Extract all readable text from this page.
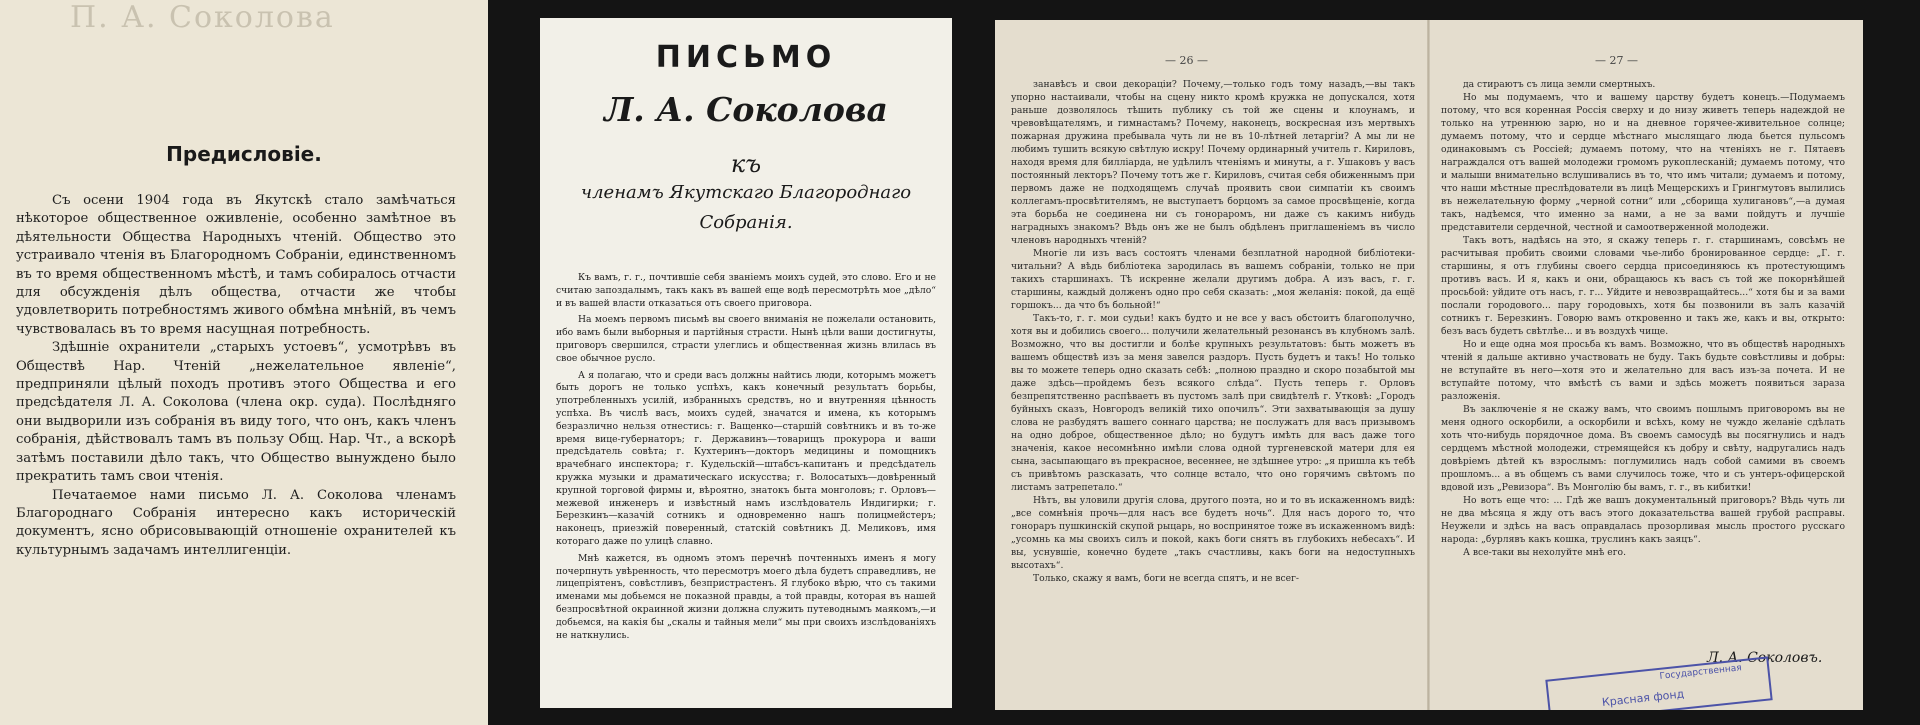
П. А. Соколова
Предисловіе.

Съ осени 1904 года въ Якутскѣ стало замѣчаться нѣкоторое общественное оживленіе, особенно замѣтное въ дѣятельности Общества Народныхъ чтеній. Общество это устраивало чтенія въ Благородномъ Собраніи, единственномъ въ то время общественномъ мѣстѣ, и тамъ собиралось отчасти для обсужденія дѣлъ общества, отчасти же чтобы удовлетворить потребностямъ живого обмѣна мнѣній, въ чемъ чувствовалась въ то время насущная потребность.

Здѣшніе охранители „старыхъ устоевъ“, усмотрѣвъ въ Обществѣ Нар. Чтеній „нежелательное явленіе“, предприняли цѣлый походъ противъ этого Общества и его предсѣдателя Л. А. Соколова (члена окр. суда). Послѣдняго они выдворили изъ собранія въ виду того, что онъ, какъ членъ собранія, дѣйствовалъ тамъ въ пользу Общ. Нар. Чт., а вскорѣ затѣмъ поставили дѣло такъ, что Общество вынуждено было прекратить тамъ свои чтенія.

Печатаемое нами письмо Л. А. Соколова членамъ Благороднаго Собранія интересно какъ историческій документъ, ясно обрисовывающій отношеніе охранителей къ культурнымъ задачамъ интеллигенціи.

ПИСЬМО
Л. А. Соколова
къ
членамъ Якутскаго Благороднаго
Собранія.

Къ вамъ, г. г., почтившіе себя званіемъ моихъ судей, это слово. Его и не считаю запоздалымъ, такъ какъ въ вашей еще водѣ пересмотрѣть мое „дѣло“ и въ вашей власти отказаться отъ своего приговора.

На моемъ первомъ письмѣ вы своего вниманія не пожелали остановить, ибо вамъ были выборныя и партійныя страсти. Нынѣ цѣли ваши достигнуты, приговоръ свершился, страсти улеглись и общественная жизнь влилась въ свое обычное русло.

А я полагаю, что и среди васъ должны найтись люди, которымъ можетъ быть дорогъ не только успѣхъ, какъ конечный результатъ борьбы, употребленныхъ усилій, избранныхъ средствъ, но и внутренняя цѣнность успѣха. Въ числѣ васъ, моихъ судей, значатся и имена, къ которымъ безразлично нельзя отнестись: г. Ващенко—старшій совѣтникъ и въ то-же время вице-губернаторъ; г. Державинъ—товарищъ прокурора и ваши предсѣдатель совѣта; г. Кухтеринъ—докторъ медицины и помощникъ врачебнаго инспектора; г. Кудельскій—штабсъ-капитанъ и предсѣдатель кружка музыки и драматическаго искусства; г. Волосатыхъ—довѣренный крупной торговой фирмы и, вѣроятно, знатокъ быта монголовъ; г. Орловъ—межевой инженеръ и извѣстный намъ изслѣдователь Индигирки; г. Березкинъ—казачій сотникъ и одновременно нашъ полицмейстеръ; наконецъ, приезжій поверенный, статскій совѣтникъ Д. Меликовъ, имя котораго даже по улицѣ славно.

Мнѣ кажется, въ одномъ этомъ перечнѣ почтенныхъ именъ я могу почерпнуть увѣренность, что пересмотръ моего дѣла будетъ справедливъ, не лицепріятенъ, совѣстливъ, безпристрастенъ. Я глубоко вѣрю, что съ такими именами мы добьемся не показной правды, а той правды, которая въ нашей безпросвѣтной окраинной жизни должна служить путеводнымъ маякомъ,—и добьемся, на какія бы „скалы и тайныя мели“ мы при своихъ изслѣдованіяхъ не наткнулись.

— 26 —	— 27 —

занавѣсъ и свои декораціи? Почему,—только годъ тому назадъ,—вы такъ упорно настаивали, чтобы на сцену никто кромѣ кружка не допускался, хотя раньше дозволялось тѣшить публику съ той же сцены и клоунамъ, и чревовѣщателямъ, и гимнастамъ? Почему, наконецъ, воскресная изъ мертвыхъ пожарная дружина пребывала чуть ли не въ 10-лѣтней летаргіи? А мы ли не любимъ тушить всякую свѣтлую искру! Почему ординарный учитель г. Кириловъ, находя время для билліарда, не удѣлилъ чтеніямъ и минуты, а г. Ушаковъ у васъ постоянный лекторъ? Почему тотъ же г. Кириловъ, считая себя обиженнымъ при первомъ даже не подходящемъ случаѣ проявить свои симпатіи къ своимъ коллегамъ-просвѣтителямъ, не выступаетъ борцомъ за самое просвѣщеніе, когда эта борьба не соединена ни съ гонораромъ, ни даже съ какимъ нибудь наградныхъ знакомъ? Вѣдь онъ же не былъ обдѣленъ приглашеніемъ въ число членовъ народныхъ чтеній?

Многіе ли изъ васъ состоятъ членами безплатной народной библіотеки-читальни? А вѣдь библіотека зародилась въ вашемъ собраніи, только не при такихъ старшинахъ. Тѣ искренне желали другимъ добра. А изъ васъ, г. г. старшины, каждый долженъ одно про себя сказать: „моя желанія: покой, да ещё горшокъ... да что бъ больной!“

Такъ-то, г. г. мои судьи! какъ будто и не все у васъ обстоитъ благополучно, хотя вы и добились своего... получили желательный резонансъ въ клубномъ залѣ. Возможно, что вы достигли и болѣе крупныхъ результатовъ: быть можетъ въ вашемъ обществѣ изъ за меня завелся раздоръ. Пусть будетъ и такъ! Но только вы то можете теперь одно сказать себѣ: „полною праздно и скоро позабытой мы даже здѣсь—пройдемъ безъ всякого слѣда“. Пусть теперь г. Орловъ безпрепятственно распѣваетъ въ пустомъ залѣ при свидѣтелѣ г. Утковѣ: „Городъ буйныхъ сказъ, Новгородъ великій тихо опочилъ“. Эти захватывающія за душу слова не разбудятъ вашего соннаго царства; не послужатъ для васъ призывомъ на одно доброе, общественное дѣло; но будутъ имѣть для васъ даже того значенія, какое несомнѣнно имѣли слова одной тургеневской матери для ея сына, засыпающаго въ прекрасное, весеннее, нe здѣшнее утро: „я пришла къ тебѣ съ привѣтомъ разсказать, что солнце встало, что оно горячимъ свѣтомъ по листамъ затрепетало.“

Нѣтъ, вы уловили другія слова, другого поэта, но и то въ искаженномъ видѣ: „все сомнѣнія прочь—для насъ все будетъ ночь“. Для насъ дорого то, что гонораръ пушкинскій скупой рыцарь, но воспринятое тоже въ искаженномъ видѣ: „усомнь ка мы своихъ силъ и покой, какъ боги снятъ въ глубокихъ небесахъ“. И вы, уснувшіе, конечно будете „такъ счастливы, какъ боги на недоступныхъ высотахъ“.

Только, скажу я вамъ, боги не всегда спятъ, и не всег-

да стираютъ съ лица земли смертныхъ.

Но мы подумаемъ, что и вашему царству будетъ конецъ.—Подумаемъ потому, что вся коренная Россія сверху и до низу живетъ теперь надеждой не только на утреннюю зарю, но и на дневное горячее-живительное солнце; думаемъ потому, что и сердце мѣстнаго мыслящаго люда бьется пульсомъ одинаковымъ съ Россіей; думаемъ потому, что на чтеніяхъ не г. Пятаевъ награждался отъ вашей молодежи громомъ рукоплесканій; думаемъ потому, что и малыши внимательно вслушивались въ то, что имъ читали; думаемъ и потому, что наши мѣстные преслѣдователи въ лицѣ Мещерскихъ и Грингмутовъ вылились въ нежелательную форму „черной сотни“ или „сборища хулигановъ“,—а думая такъ, надѣемся, что именно за нами, а не за вами пойдутъ и лучшіе представители сердечной, честной и самоотверженной молодежи.

Такъ вотъ, надѣясь на это, я скажу теперь г. г. старшинамъ, совсѣмъ не расчитывая пробить своими словами чье-либо бронированное сердце: „Г. г. старшины, я отъ глубины своего сердца присоединяюсь къ протестующимъ противъ васъ. И я, какъ и они, обращаюсь къ васъ съ той же покорнѣйшей просьбой: уйдите отъ насъ, г. г... Уйдите и невозвращайтесь...“ хотя бы и за вами послали городового... пару городовыхъ, хотя бы позвонили въ залъ казачій сотникъ г. Березкинъ. Говорю вамъ откровенно и такъ же, какъ и вы, открыто: безъ васъ будетъ свѣтлѣе... и въ воздухѣ чище.

Но и еще одна моя просьба къ вамъ. Возможно, что въ обществѣ народныхъ чтеній я дальше активно участвовать не буду. Такъ будьте совѣстливы и добры: не вступайте въ него—хотя это и желательно для васъ изъ-за почета. И не вступайте потому, что вмѣстѣ съ вами и здѣсь можетъ появиться зараза разложенія.

Въ заключеніе я не скажу вамъ, что своимъ пошлымъ приговоромъ вы не меня одного оскорбили, а оскорбили и всѣхъ, кому не чуждо желаніе сдѣлать хоть что-нибудь порядочное дома. Въ своемъ самосудѣ вы посягнулись и надъ сердцемъ мѣстной молодежи, стремящейся къ добру и свѣту, надругались надъ довѣріемъ дѣтей къ взрослымъ: поглумились надъ собой самими въ своемъ прошломъ... а въ общемъ съ вами случилось тоже, что и съ унтеръ-офицерской вдовой изъ „Ревизора“. Въ Монголію бы вамъ, г. г., въ кибитки!

Но вотъ еще что: ... Гдѣ же вашъ документальный приговоръ? Вѣдь чуть ли не два мѣсяца я жду отъ васъ этого доказательства вашей грубой расправы. Неужели и здѣсь на васъ оправдалась прозорливая мысль простого русскаго народа: „бурлявъ какъ кошка, труслинъ какъ заяцъ“.

А все-таки вы нехолуйте мнѣ его.

Л. А. Соколовъ.
Государственная
Красная фонд
